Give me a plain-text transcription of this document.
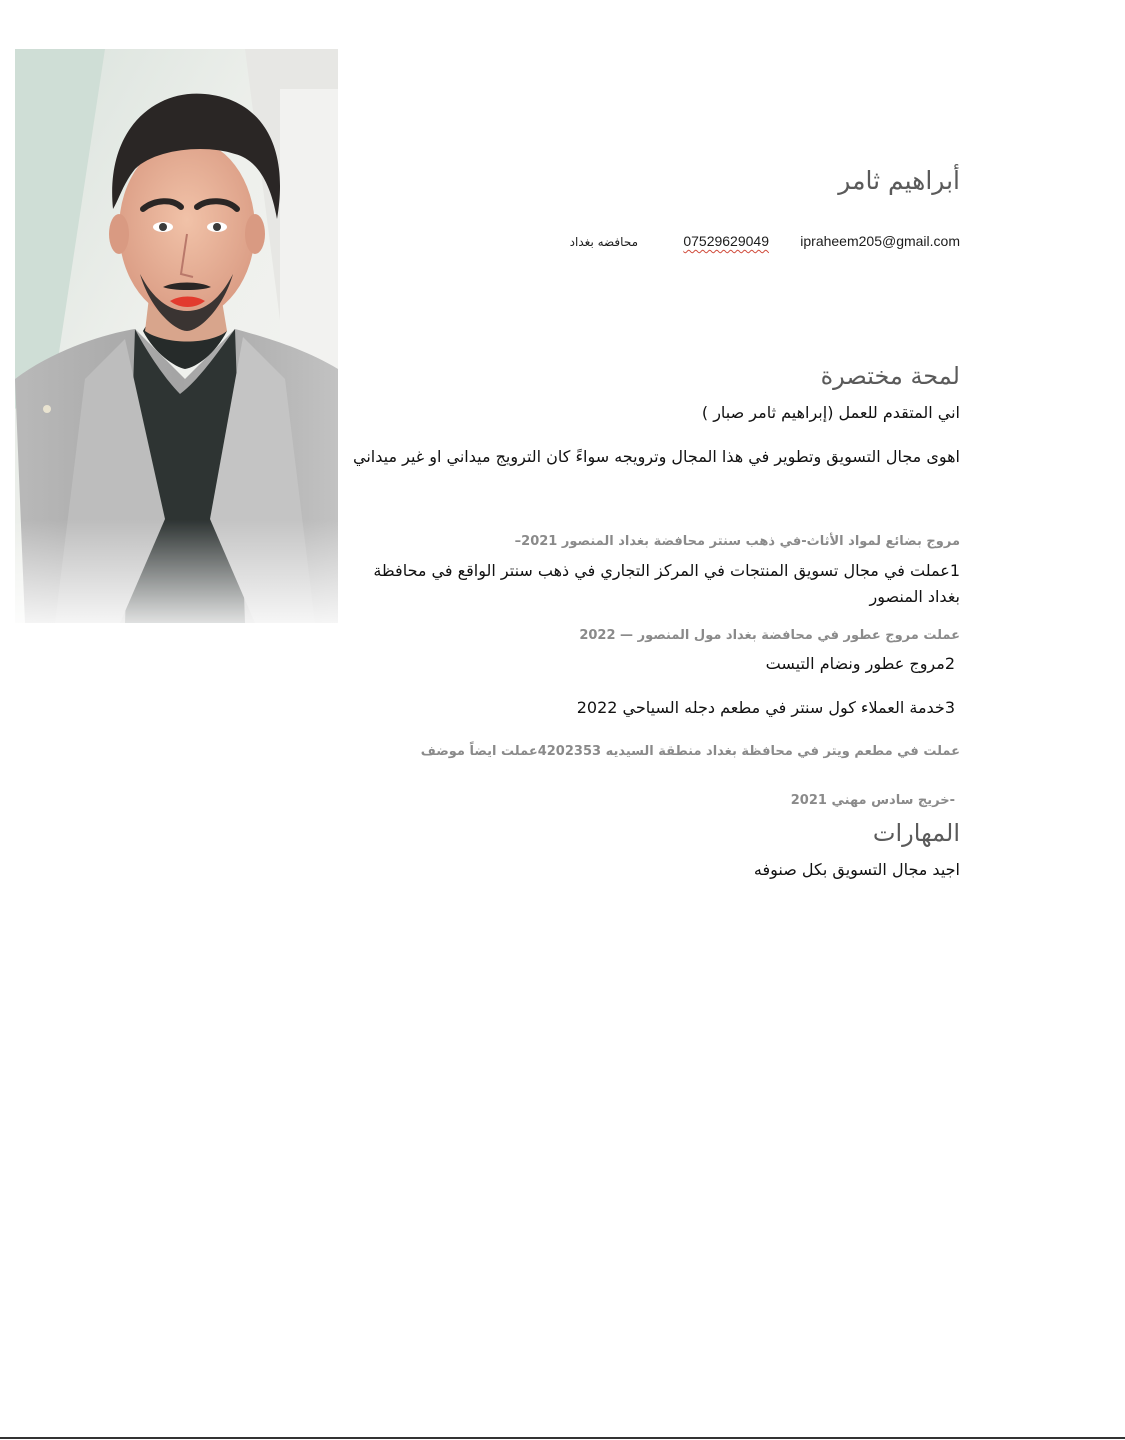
أبراهيم ثامر
ipraheem205@gmail.com
07529629049
محافضه بغداد
لمحة مختصرة
اني المتقدم للعمل (إبراهيم ثامر صبار )
اهوى مجال التسويق وتطوير في هذا المجال وترويجه سواءً كان الترويج ميداني او غير ميداني
مروج بضائع لمواد الأثاث-في ذهب سنتر محافضة بغداد المنصور 2021–
1عملت في مجال تسويق المنتجات في المركز التجاري في ذهب سنتر الواقع في محافظة بغداد المنصور
عملت مروج عطور في محافضة بغداد مول المنصور — 2022
2مروج عطور ونضام التيست
3خدمة العملاء كول سنتر في مطعم دجله السياحي 2022
عملت في مطعم ويتر في محافظة بغداد منطقة السيديه 4202353عملت ايضاً موضف
-خريج سادس مهني 2021
المهارات
اجيد مجال التسويق بكل صنوفه
